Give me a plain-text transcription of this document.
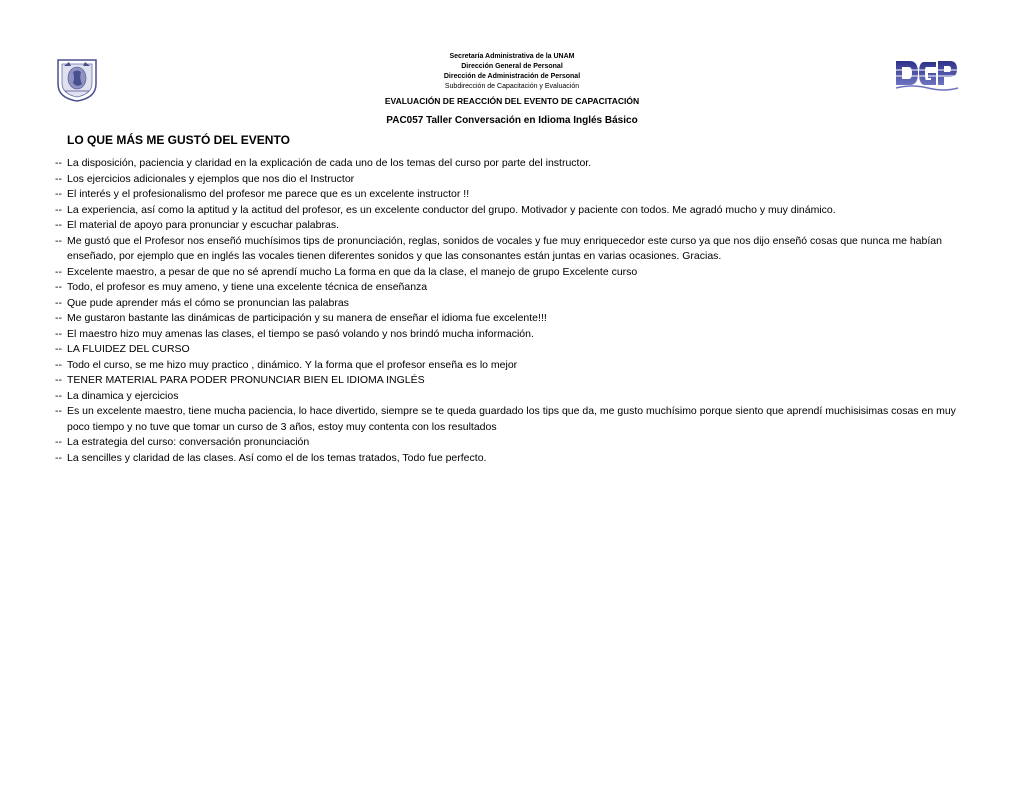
Secretaría Administrativa de la UNAM
Dirección General de Personal
Dirección de Administración de Personal
Subdirección de Capacitación y Evaluación
EVALUACIÓN DE REACCIÓN DEL EVENTO DE CAPACITACIÓN
PAC057 Taller Conversación en Idioma Inglés Básico
LO QUE MÁS ME GUSTÓ DEL EVENTO
-- La disposición, paciencia y claridad en la explicación de cada uno de los temas del curso por parte del instructor.
-- Los ejercicios adicionales y ejemplos que nos dio el Instructor
-- El interés y el profesionalismo del profesor me parece que es un excelente instructor !!
-- La experiencia, así como la aptitud y la actitud del profesor, es un excelente conductor del grupo. Motivador y paciente con todos. Me agradó mucho y muy dinámico.
-- El material de apoyo para pronunciar y escuchar palabras.
-- Me gustó que el Profesor nos enseñó muchísimos tips de pronunciación, reglas, sonidos de vocales y fue muy enriquecedor este curso ya que nos dijo enseñó cosas que nunca me habían enseñado, por ejemplo que en inglés las vocales tienen diferentes sonidos y que las consonantes están juntas en varias ocasiones. Gracias.
-- Excelente maestro, a pesar de que no sé aprendí mucho La forma en que da la clase, el manejo de grupo Excelente curso
-- Todo, el profesor es muy ameno, y tiene una excelente técnica de enseñanza
-- Que pude aprender más el cómo se pronuncian las palabras
-- Me gustaron bastante las dinámicas de participación y su manera de enseñar el idioma fue excelente!!!
-- El maestro hizo muy amenas las clases, el tiempo se pasó volando y nos brindó mucha información.
-- LA FLUIDEZ DEL CURSO
-- Todo el curso, se me hizo muy practico , dinámico. Y la forma que el profesor enseña es lo mejor
-- TENER MATERIAL PARA PODER PRONUNCIAR BIEN EL IDIOMA INGLÉS
-- La dinamica y ejercicios
-- Es un excelente maestro, tiene mucha paciencia, lo hace divertido, siempre se te queda guardado los tips que da, me gusto muchísimo porque siento que aprendí muchisisimas cosas en muy poco tiempo y no tuve que tomar un curso de 3 años, estoy muy contenta con los resultados
-- La estrategia del curso: conversación pronunciación
-- La sencilles y claridad de las clases. Así como el de los temas tratados, Todo fue perfecto.
